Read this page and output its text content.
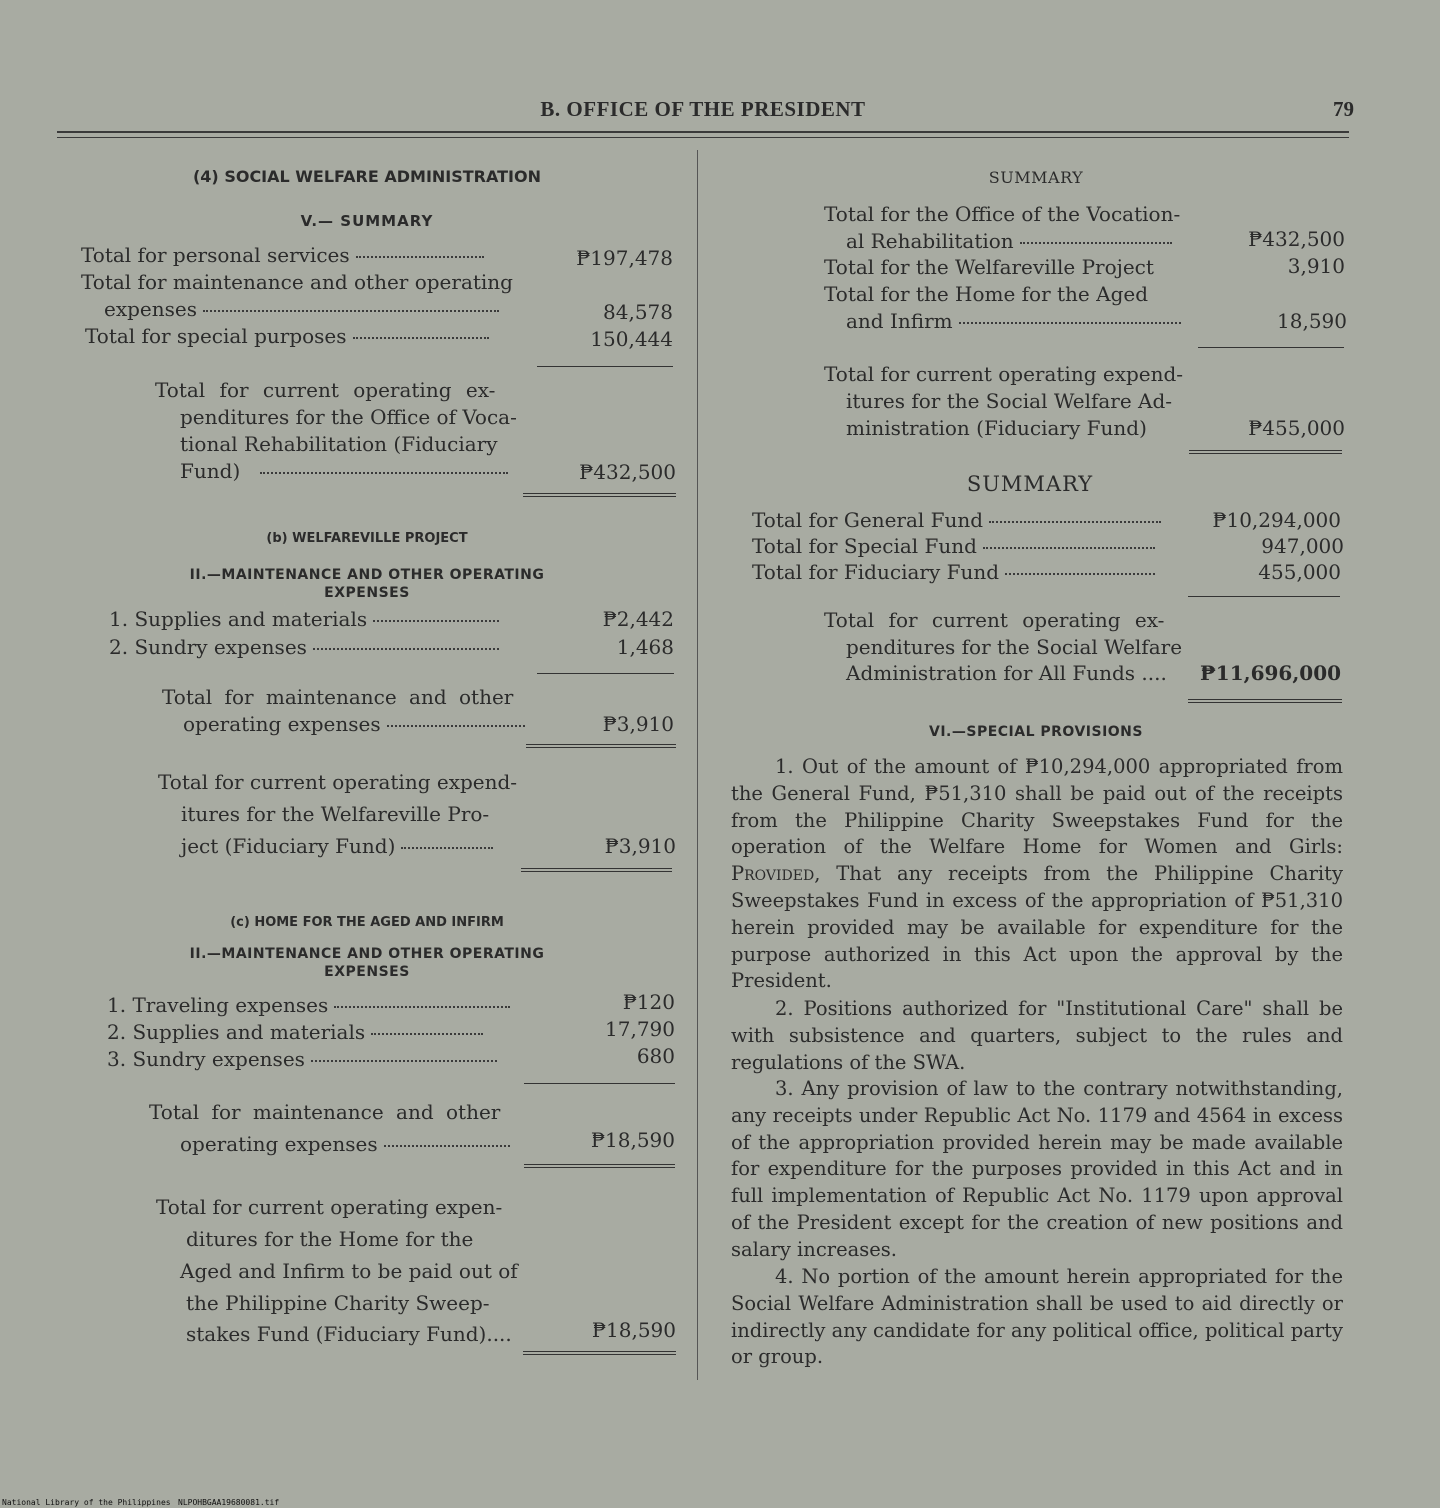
B. OFFICE OF THE PRESIDENT	79
(4) SOCIAL WELFARE ADMINISTRATION
V.— SUMMARY
Total for personal services	₱197,478
Total for maintenance and other operating
expenses	84,578
Total for special purposes	150,444
Total for current operating ex-
penditures for the Office of Voca-
tional Rehabilitation (Fiduciary
Fund)	₱432,500
(b) WELFAREVILLE PROJECT
II.—MAINTENANCE AND OTHER OPERATING
EXPENSES
1. Supplies and materials	₱2,442
2. Sundry expenses	1,468
Total for maintenance and other
operating expenses	₱3,910
Total for current operating expend-
itures for the Welfareville Pro-
ject (Fiduciary Fund)	₱3,910
(c) HOME FOR THE AGED AND INFIRM
II.—MAINTENANCE AND OTHER OPERATING
EXPENSES
1. Traveling expenses	₱120
2. Supplies and materials	17,790
3. Sundry expenses	680
Total for maintenance and other
operating expenses	₱18,590
Total for current operating expen-
ditures for the Home for the
Aged and Infirm to be paid out of
the Philippine Charity Sweep-
stakes Fund (Fiduciary Fund)....	₱18,590
SUMMARY
Total for the Office of the Vocation-
al Rehabilitation	₱432,500
Total for the Welfareville Project	3,910
Total for the Home for the Aged
and Infirm	18,590
Total for current operating expend-
itures for the Social Welfare Ad-
ministration (Fiduciary Fund)	₱455,000
SUMMARY
Total for General Fund	₱10,294,000
Total for Special Fund	947,000
Total for Fiduciary Fund	455,000
Total for current operating ex-
penditures for the Social Welfare
Administration for All Funds .... ₱11,696,000
VI.—SPECIAL PROVISIONS
1. Out of the amount of ₱10,294,000 appropriated from the General Fund, ₱51,310 shall be paid out of the receipts from the Philippine Charity Sweepstakes Fund for the operation of the Welfare Home for Women and Girls: Provided, That any receipts from the Philippine Charity Sweepstakes Fund in excess of the appropriation of ₱51,310 herein provided may be available for expenditure for the purpose authorized in this Act upon the approval by the President.
2. Positions authorized for "Institutional Care" shall be with subsistence and quarters, subject to the rules and regulations of the SWA.
3. Any provision of law to the contrary notwithstanding, any receipts under Republic Act No. 1179 and 4564 in excess of the appropriation provided herein may be made available for expenditure for the purposes provided in this Act and in full implementation of Republic Act No. 1179 upon approval of the President except for the creation of new positions and salary increases.
4. No portion of the amount herein appropriated for the Social Welfare Administration shall be used to aid directly or indirectly any candidate for any political office, political party or group.
National Library of the Philippines NLPOHBGAA19680081.tif
